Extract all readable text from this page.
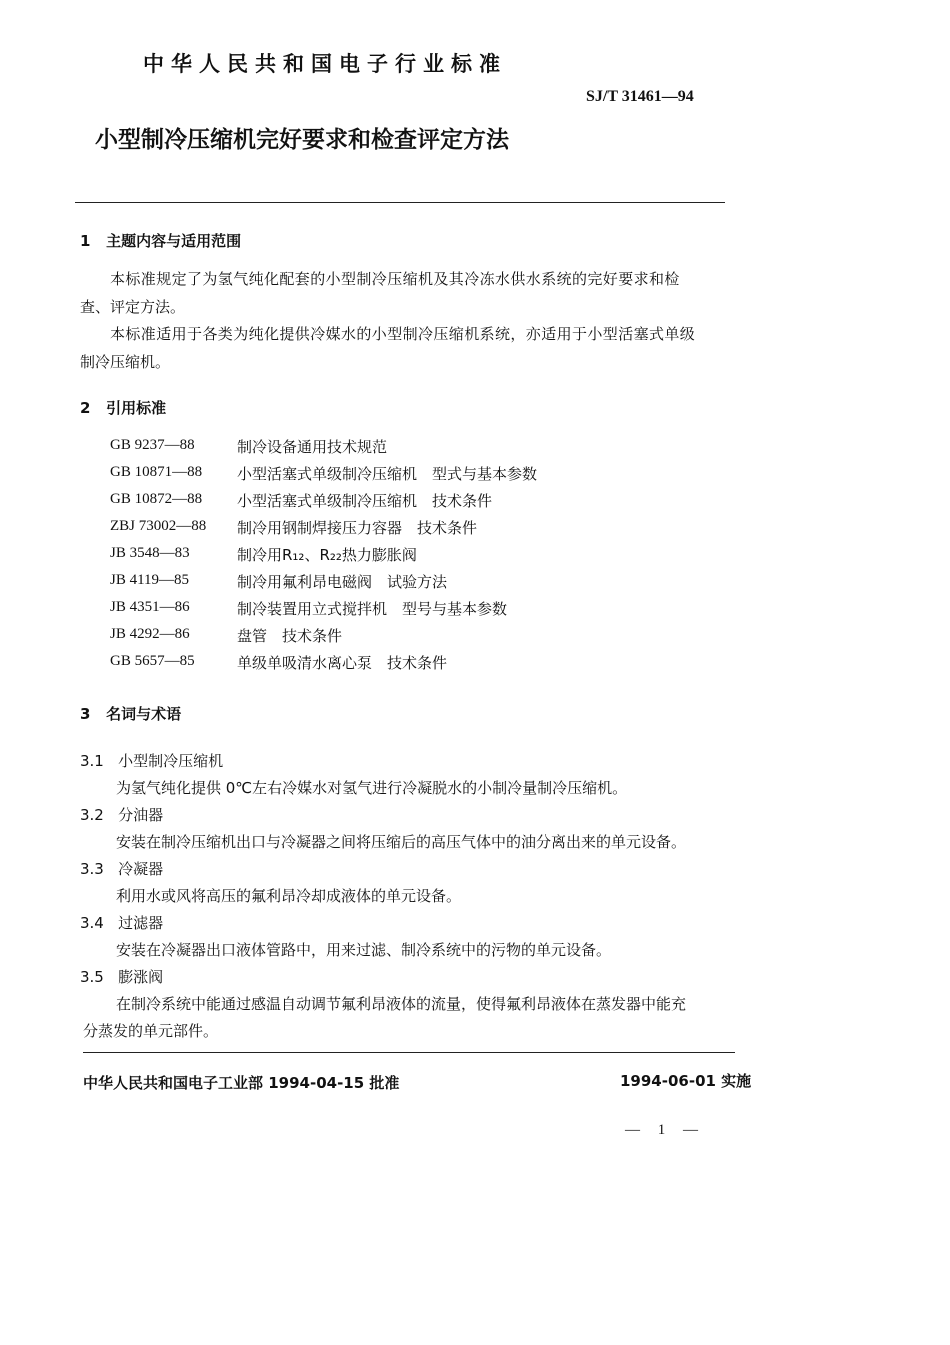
中华人民共和国电子行业标准
SJ/T 31461—94
小型制冷压缩机完好要求和检查评定方法
1 主题内容与适用范围
本标准规定了为氢气纯化配套的小型制冷压缩机及其冷冻水供水系统的完好要求和检
查、评定方法。
本标准适用于各类为纯化提供冷媒水的小型制冷压缩机系统，亦适用于小型活塞式单级
制冷压缩机。
2 引用标准
GB 9237—88	制冷设备通用技术规范
GB 10871—88 小型活塞式单级制冷压缩机　型式与基本参数
GB 10872—88 小型活塞式单级制冷压缩机　技术条件
ZBJ 73002—88 制冷用钢制焊接压力容器　技术条件
JB 3548—83	制冷用R₁₂、R₂₂热力膨胀阀
JB 4119—85	制冷用氟利昂电磁阀　试验方法
JB 4351—86	制冷装置用立式搅拌机　型号与基本参数
JB 4292—86	盘管　技术条件
GB 5657—85	单级单吸清水离心泵　技术条件
3 名词与术语
3.1 小型制冷压缩机
为氢气纯化提供 0℃左右冷媒水对氢气进行冷凝脱水的小制冷量制冷压缩机。
3.2 分油器
安装在制冷压缩机出口与冷凝器之间将压缩后的高压气体中的油分离出来的单元设备。
3.3 冷凝器
利用水或风将高压的氟利昂冷却成液体的单元设备。
3.4 过滤器
安装在冷凝器出口液体管路中，用来过滤、制冷系统中的污物的单元设备。
3.5 膨涨阀
在制冷系统中能通过感温自动调节氟利昂液体的流量，使得氟利昂液体在蒸发器中能充
分蒸发的单元部件。
中华人民共和国电子工业部 1994-04-15 批准	1994-06-01 实施
— 1 —
